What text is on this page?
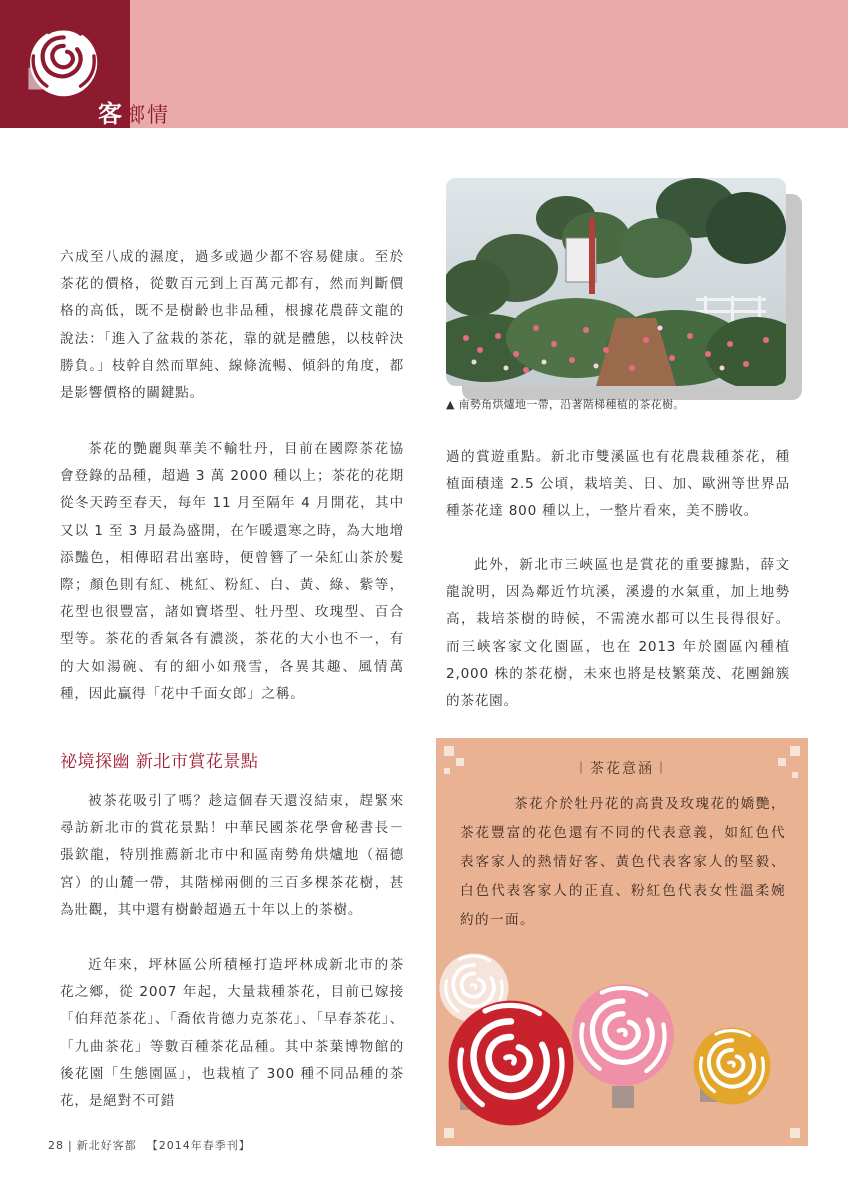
客 鄉情

▲ 南勢角烘爐地一帶，沿著階梯種植的茶花樹。

六成至八成的濕度，過多或過少都不容易健康。至於茶花的價格，從數百元到上百萬元都有，然而判斷價格的高低，既不是樹齡也非品種，根據花農薛文龍的說法：「進入了盆栽的茶花，靠的就是體態，以枝幹決勝負。」枝幹自然而單純、線條流暢、傾斜的角度，都是影響價格的關鍵點。

茶花的艷麗與華美不輸牡丹，目前在國際茶花協會登錄的品種，超過 3 萬 2000 種以上；茶花的花期從冬天跨至春天，每年 11 月至隔年 4 月開花，其中又以 1 至 3 月最為盛開，在乍暖還寒之時，為大地增添豔色，相傳昭君出塞時，便曾簪了一朵紅山茶於髮際；顏色則有紅、桃紅、粉紅、白、黃、綠、紫等，花型也很豐富，諸如寶塔型、牡丹型、玫瑰型、百合型等。茶花的香氣各有濃淡，茶花的大小也不一，有的大如湯碗、有的細小如飛雪，各異其趣、風情萬種，因此贏得「花中千面女郎」之稱。

祕境探幽 新北市賞花景點

被茶花吸引了嗎？趁這個春天還沒結束，趕緊來尋訪新北市的賞花景點！中華民國茶花學會秘書長－張欽龍，特別推薦新北市中和區南勢角烘爐地（福德宮）的山麓一帶，其階梯兩側的三百多棵茶花樹，甚為壯觀，其中還有樹齡超過五十年以上的茶樹。

近年來，坪林區公所積極打造坪林成新北市的茶花之鄉，從 2007 年起，大量栽種茶花，目前已嫁接「伯拜范茶花」、「喬依肯德力克茶花」、「早春茶花」、「九曲茶花」等數百種茶花品種。其中茶葉博物館的後花園「生態園區」，也栽植了 300 種不同品種的茶花，是絕對不可錯

過的賞遊重點。新北市雙溪區也有花農栽種茶花，種植面積達 2.5 公頃，栽培美、日、加、歐洲等世界品種茶花達 800 種以上，一整片看來，美不勝收。

此外，新北市三峽區也是賞花的重要據點，薛文龍說明，因為鄰近竹坑溪，溪邊的水氣重，加上地勢高，栽培茶樹的時候，不需澆水都可以生長得很好。而三峽客家文化園區，也在 2013 年於園區內種植 2,000 株的茶花樹，未來也將是枝繁葉茂、花團錦簇的茶花園。

︱茶花意涵︱

茶花介於牡丹花的高貴及玫瑰花的嬌艷，茶花豐富的花色還有不同的代表意義，如紅色代表客家人的熱情好客、黃色代表客家人的堅毅、白色代表客家人的正直、粉紅色代表女性溫柔婉約的一面。

28 | 新北好客都 【2014年春季刊】
